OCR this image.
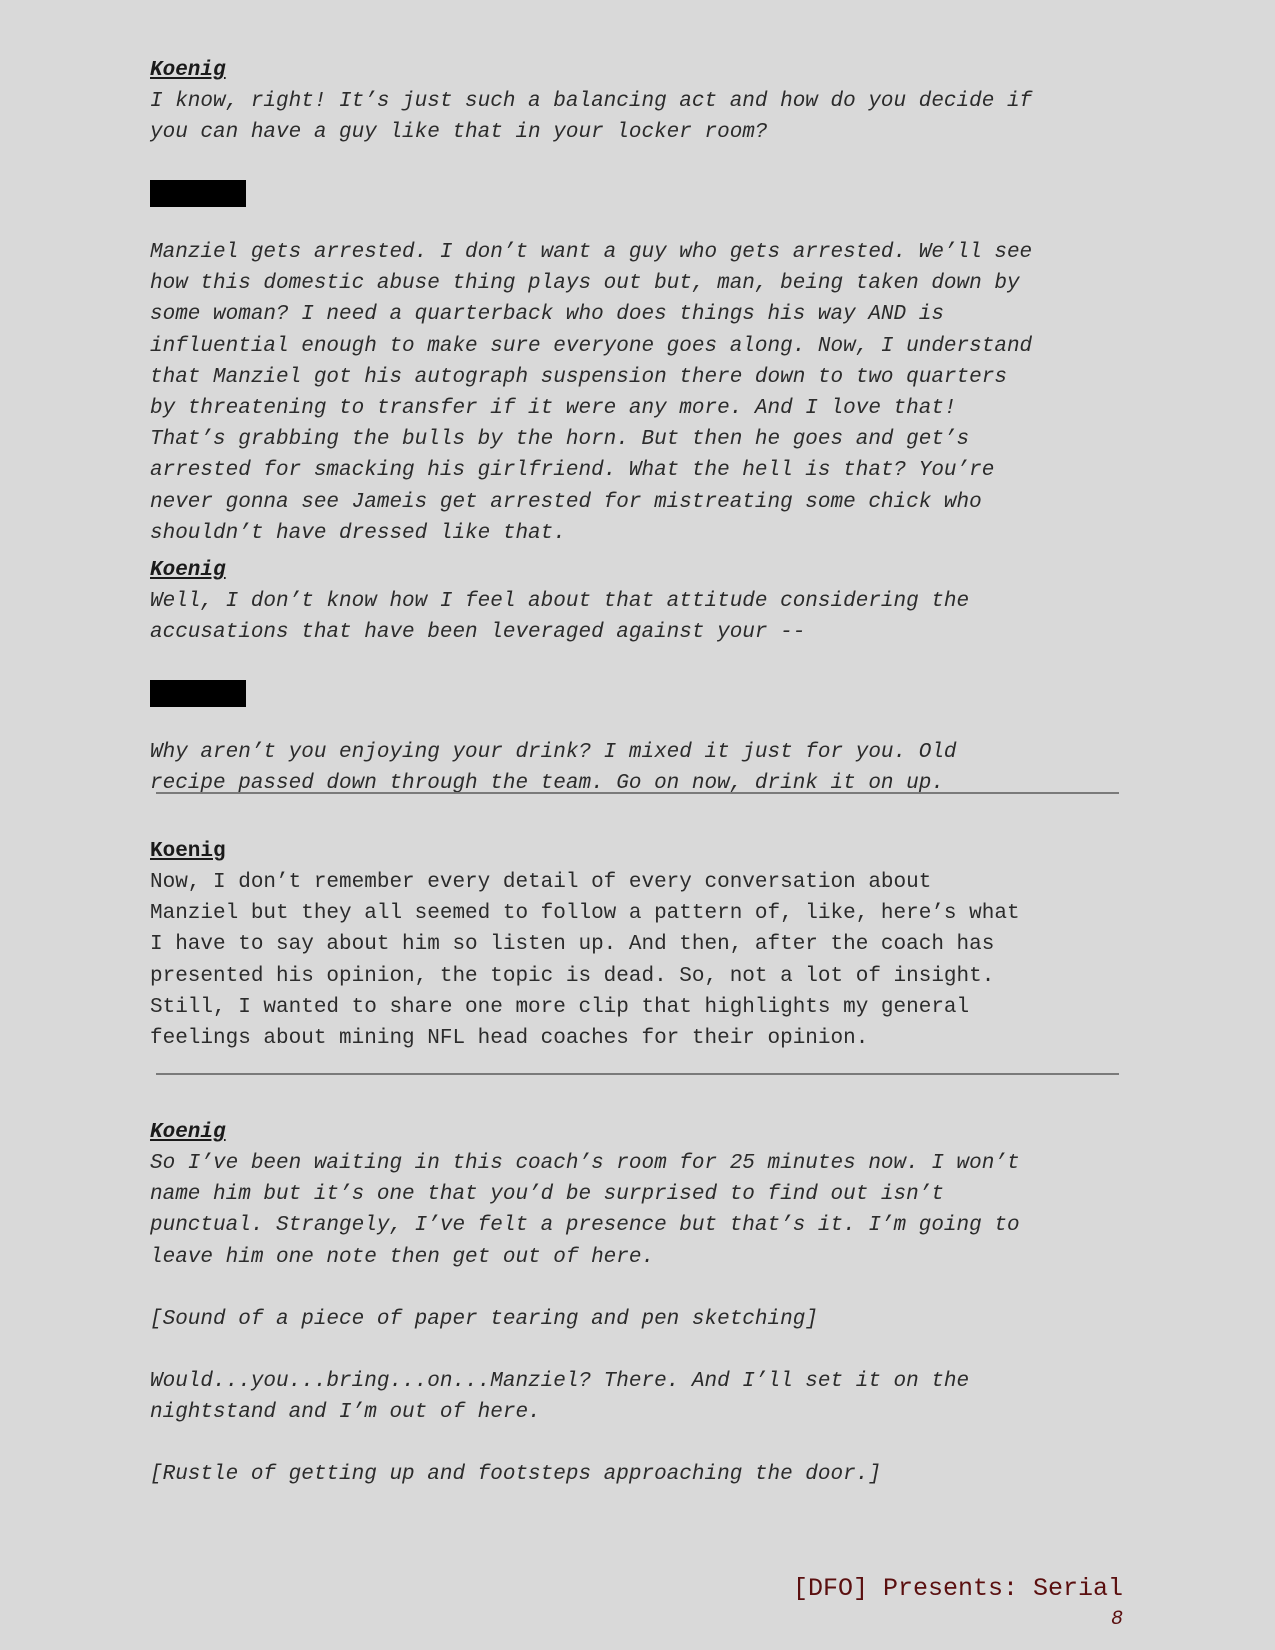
Koenig

I know, right! It’s just such a balancing act and how do you decide if

you can have a guy like that in your locker room?

Manziel gets arrested. I don’t want a guy who gets arrested. We’ll see

how this domestic abuse thing plays out but, man, being taken down by

some woman? I need a quarterback who does things his way AND is

influential enough to make sure everyone goes along. Now, I understand

that Manziel got his autograph suspension there down to two quarters

by threatening to transfer if it were any more. And I love that!

That’s grabbing the bulls by the horn. But then he goes and get’s

arrested for smacking his girlfriend. What the hell is that? You’re

never gonna see Jameis get arrested for mistreating some chick who

shouldn’t have dressed like that.

Koenig

Well, I don’t know how I feel about that attitude considering the

accusations that have been leveraged against your --

Why aren’t you enjoying your drink? I mixed it just for you. Old

recipe passed down through the team. Go on now, drink it on up.

Koenig

Now, I don’t remember every detail of every conversation about

Manziel but they all seemed to follow a pattern of, like, here’s what

I have to say about him so listen up. And then, after the coach has

presented his opinion, the topic is dead. So, not a lot of insight.

Still, I wanted to share one more clip that highlights my general

feelings about mining NFL head coaches for their opinion.

Koenig

So I’ve been waiting in this coach’s room for 25 minutes now. I won’t

name him but it’s one that you’d be surprised to find out isn’t

punctual. Strangely, I’ve felt a presence but that’s it. I’m going to

leave him one note then get out of here.

[Sound of a piece of paper tearing and pen sketching]

Would...you...bring...on...Manziel? There. And I’ll set it on the

nightstand and I’m out of here.

[Rustle of getting up and footsteps approaching the door.]

[DFO] Presents: Serial
8
